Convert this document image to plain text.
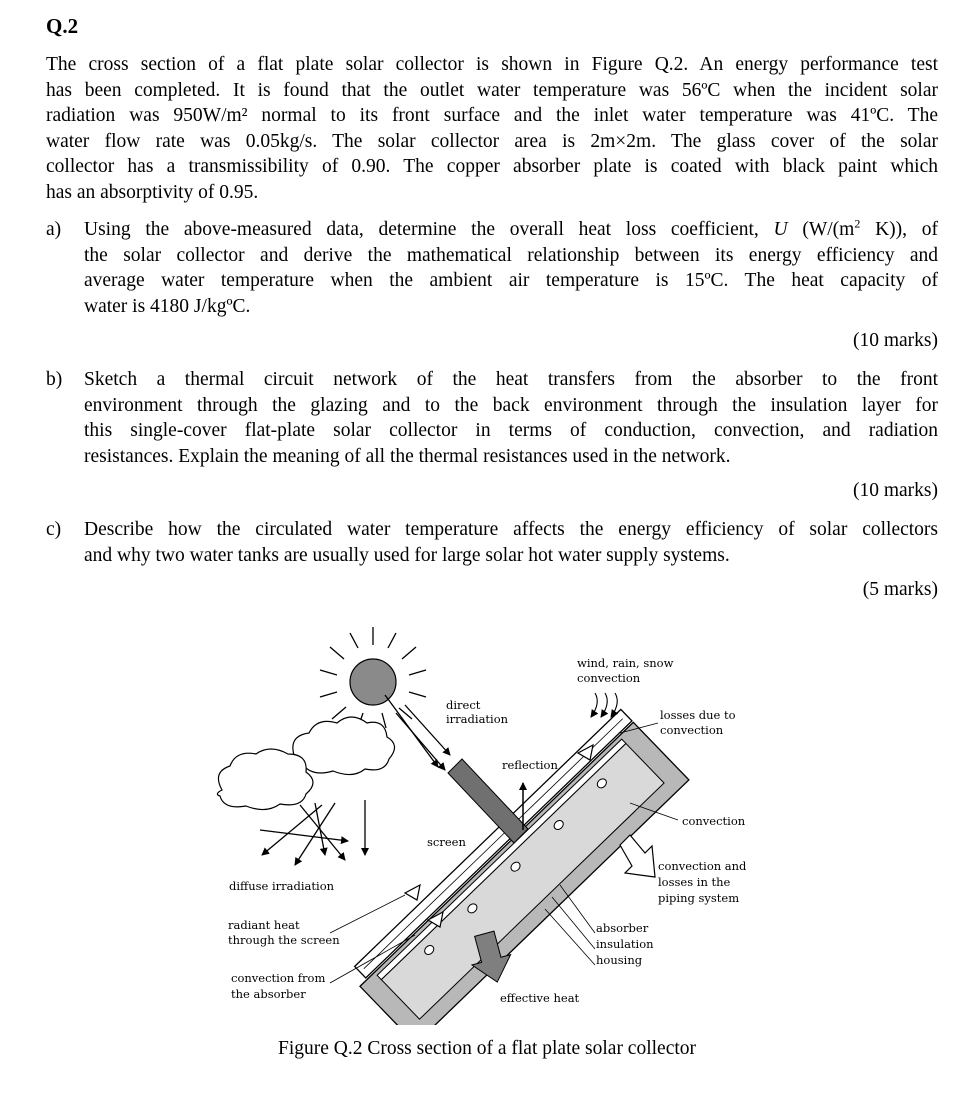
Q.2
The cross section of a flat plate solar collector is shown in Figure Q.2. An energy performance test
has been completed. It is found that the outlet water temperature was 56ºC when the incident solar
radiation was 950W/m² normal to its front surface and the inlet water temperature was 41ºC. The
water flow rate was 0.05kg/s. The solar collector area is 2m×2m. The glass cover of the solar
collector has a transmissibility of 0.90. The copper absorber plate is coated with black paint which
has an absorptivity of 0.95.
a) Using the above-measured data, determine the overall heat loss coefficient, U ($W/(m^2$ K)), of
the solar collector and derive the mathematical relationship between its energy efficiency and
average water temperature when the ambient air temperature is 15ºC. The heat capacity of
water is 4180 J/kgºC.
(10 marks)
b) Sketch a thermal circuit network of the heat transfers from the absorber to the front
environment through the glazing and to the back environment through the insulation layer for
this single-cover flat-plate solar collector in terms of conduction, convection, and radiation
resistances. Explain the meaning of all the thermal resistances used in the network.
(10 marks)
c) Describe how the circulated water temperature affects the energy efficiency of solar collectors
and why two water tanks are usually used for large solar hot water supply systems.
(5 marks)
direct
irradiation
wind, rain, snow
convection
losses due to
convection
reflection
convection
screen
convection and
losses in the
piping system
diffuse irradiation
radiant heat
through the screen
absorber
insulation
housing
convection from
the absorber	effective heat
Figure Q.2 Cross section of a flat plate solar collector
